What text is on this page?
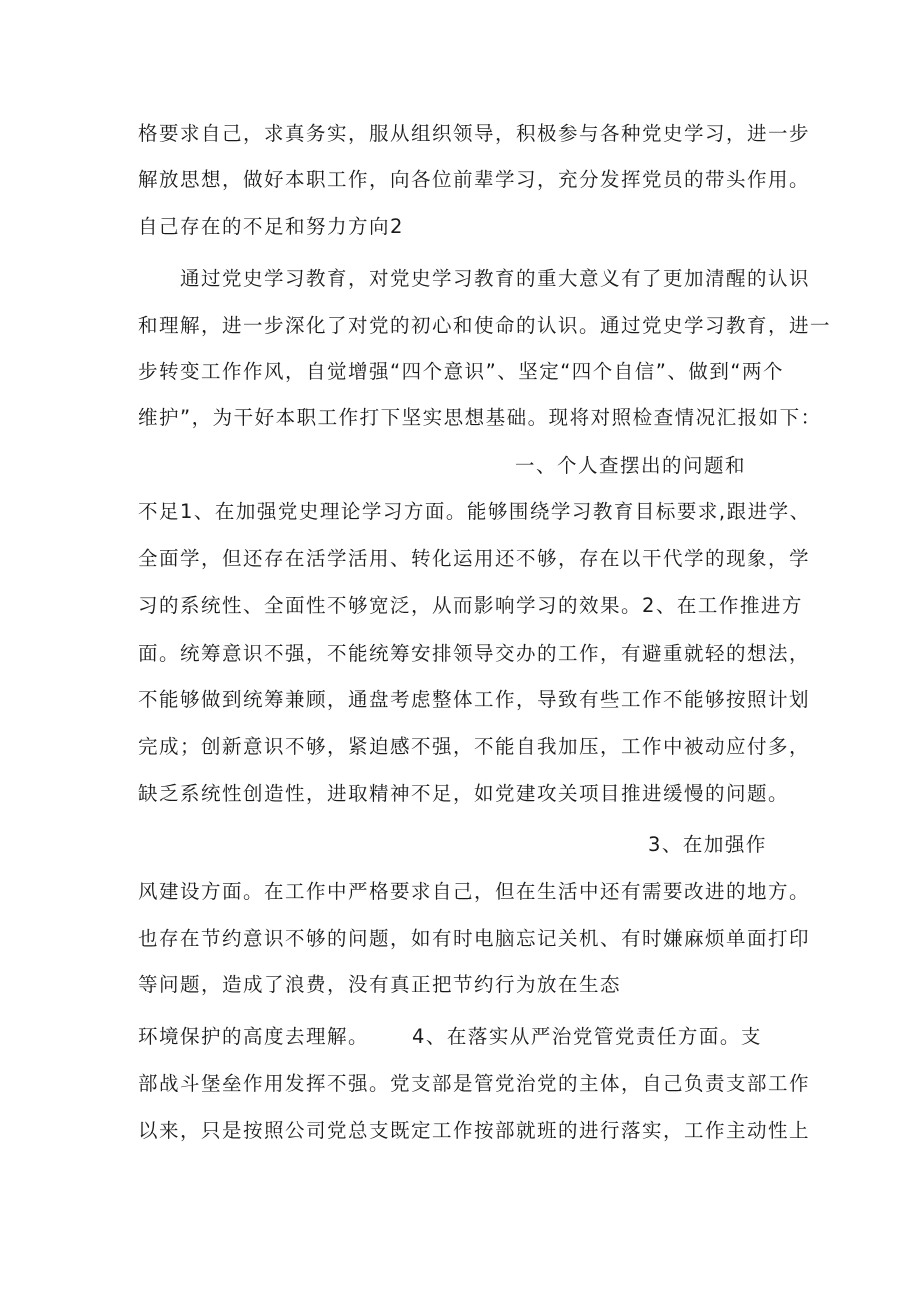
格要求自己，求真务实，服从组织领导，积极参与各种党史学习，进一步
解放思想，做好本职工作，向各位前辈学习，充分发挥党员的带头作用。
自己存在的不足和努力方向2
通过党史学习教育，对党史学习教育的重大意义有了更加清醒的认识
和理解，进一步深化了对党的初心和使命的认识。通过党史学习教育，进一
步转变工作作风，自觉增强“四个意识”、坚定“四个自信”、做到“两个
维护”，为干好本职工作打下坚实思想基础。现将对照检查情况汇报如下：
一、个人查摆出的问题和
不足1、在加强党史理论学习方面。能够围绕学习教育目标要求,跟进学、
全面学，但还存在活学活用、转化运用还不够，存在以干代学的现象，学
习的系统性、全面性不够宽泛，从而影响学习的效果。2、在工作推进方
面。统筹意识不强，不能统筹安排领导交办的工作，有避重就轻的想法，
不能够做到统筹兼顾，通盘考虑整体工作，导致有些工作不能够按照计划
完成；创新意识不够，紧迫感不强，不能自我加压，工作中被动应付多，
缺乏系统性创造性，进取精神不足，如党建攻关项目推进缓慢的问题。
3、在加强作
风建设方面。在工作中严格要求自己，但在生活中还有需要改进的地方。
也存在节约意识不够的问题，如有时电脑忘记关机、有时嫌麻烦单面打印
等问题，造成了浪费，没有真正把节约行为放在生态
环境保护的高度去理解。 4、在落实从严治党管党责任方面。支
部战斗堡垒作用发挥不强。党支部是管党治党的主体，自己负责支部工作
以来，只是按照公司党总支既定工作按部就班的进行落实，工作主动性上
